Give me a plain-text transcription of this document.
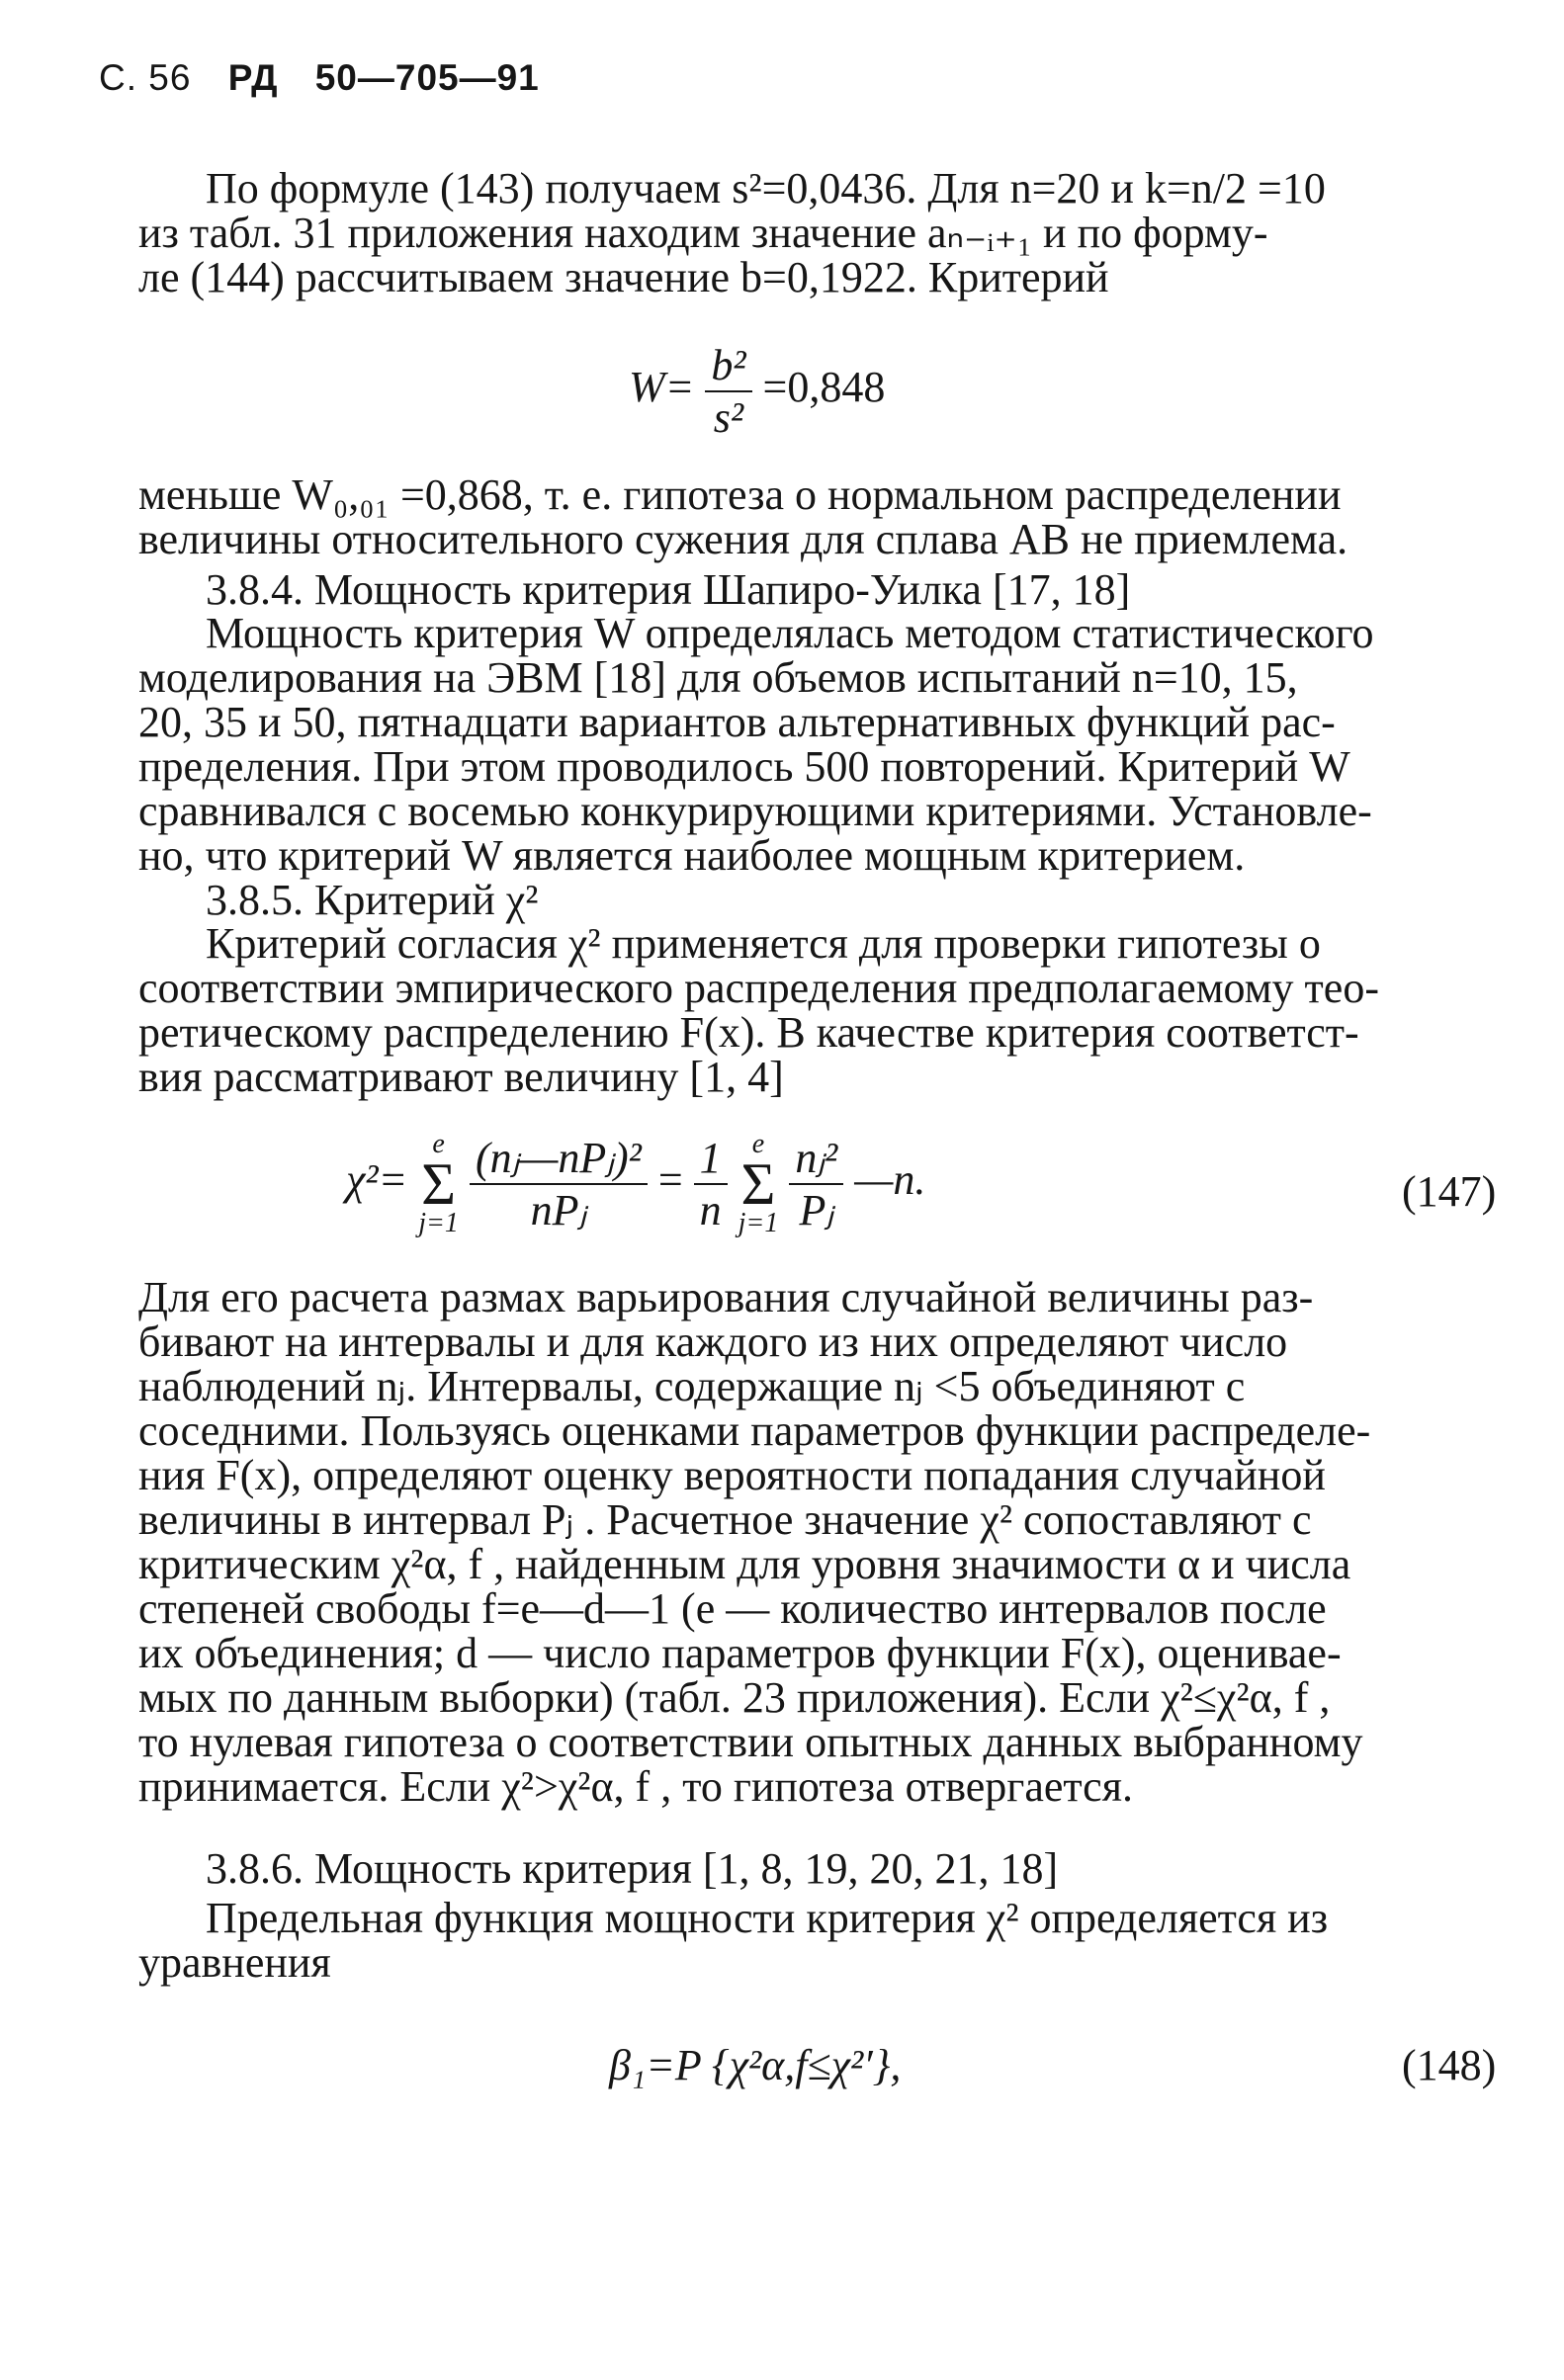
С. 56 РД 50—705—91
По формуле (143) получаем s²=0,0436. Для n=20 и k=n/2 =10
из табл. 31 приложения находим значение aₙ₋ᵢ₊₁ и по форму-
ле (144) рассчитываем значение b=0,1922. Критерий
$W= \frac{\text{b²}}{\text{s²}} =0,848$
меньше W₀,₀₁ =0,868, т. е. гипотеза о нормальном распределении
величины относительного сужения для сплава АВ не приемлема.
3.8.4. Мощность критерия Шапиро-Уилка [17, 18]
Мощность критерия W определялась методом статистического
моделирования на ЭВМ [18] для объемов испытаний n=10, 15,
20, 35 и 50, пятнадцати вариантов альтернативных функций рас-
пределения. При этом проводилось 500 повторений. Критерий W
сравнивался с восемью конкурирующими критериями. Установле-
но, что критерий W является наиболее мощным критерием.
3.8.5. Критерий χ²
Критерий согласия χ² применяется для проверки гипотезы о
соответствии эмпирического распределения предполагаемому тео-
ретическому распределению F(x). В качестве критерия соответст-
вия рассматривают величину [1, 4]
χ²=
e
Σ
j=1
$\frac{\text{(nⱼ—nPⱼ)²}}{\text{nPⱼ}} = \frac{1}{n}$
e
Σ
j=1
$\frac{\text{nⱼ²}}{\text{Pⱼ}}$ —n.	(147)
Для его расчета размах варьирования случайной величины раз-
бивают на интервалы и для каждого из них определяют число
наблюдений nⱼ. Интервалы, содержащие nⱼ <5 объединяют с
соседними. Пользуясь оценками параметров функции распределе-
ния F(x), определяют оценку вероятности попадания случайной
величины в интервал Pⱼ . Расчетное значение χ² сопоставляют с
критическим χ²α, f , найденным для уровня значимости α и числа
степеней свободы f=e—d—1 (e — количество интервалов после
их объединения; d — число параметров функции F(x), оценивае-
мых по данным выборки) (табл. 23 приложения). Если χ²≤χ²α, f ,
то нулевая гипотеза о соответствии опытных данных выбранному
принимается. Если χ²>χ²α, f , то гипотеза отвергается.
3.8.6. Мощность критерия [1, 8, 19, 20, 21, 18]
Предельная функция мощности критерия χ² определяется из
уравнения
β₁=P {χ²α,f≤χ²′},	(148)
